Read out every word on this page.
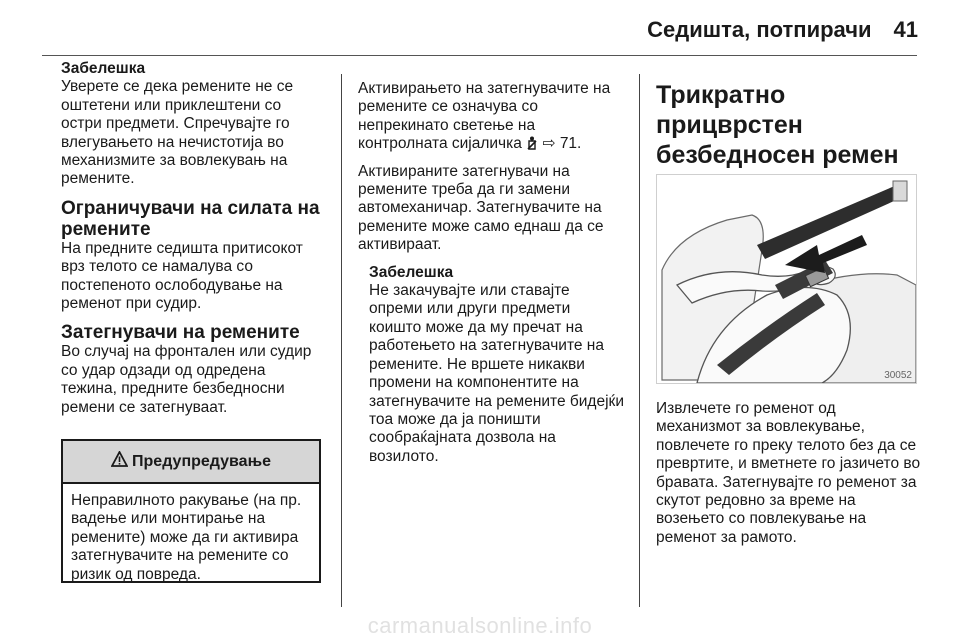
Седишта, потпирачи 41

Забелешка

Уверете се дека ремените не се оштетени или приклештени со остри предмети. Спречувајте го влегувањето на нечистотија во механизмите за вовлекувањ на ремените.

Ограничувачи на силата на ремените

На предните седишта притисокот врз телото се намалува со постепеното ослободување на ременот при судир.

Затегнувачи на ремените

Во случај на фронтален или судир со удар одзади од одредена тежина, предните безбедносни ремени се затегнуваат.

Предупредување
Неправилното ракување (на пр. вадење или монтирање на ремените) може да ги активира затегнувачите на ремените со ризик од повреда.

Активирањето на затегнувачите на ремените се означува со непрекинато светење на контролната сијаличка ⇨ 71.

Активираните затегнувачи на ремените треба да ги замени автомеханичар. Затегнувачите на ремените може само еднаш да се активираат.

Забелешка

Не закачувајте или ставајте опреми или други предмети коишто може да му пречат на работењето на затегнувачите на ремените. Не вршете никакви промени на компонентите на затегнувачите на ремените бидејќи тоа може да ја поништи сообраќајната дозвола на возилото.

Трикратно прицврстен безбедносен ремен

30052

Извлечете го ременот од механизмот за вовлекување, повлечете го преку телото без да се превртите, и вметнете го јазичето во бравата. Затегнувајте го ременот за скутот редовно за време на возењето со повлекување на ременот за рамото.

carmanualsonline.info
